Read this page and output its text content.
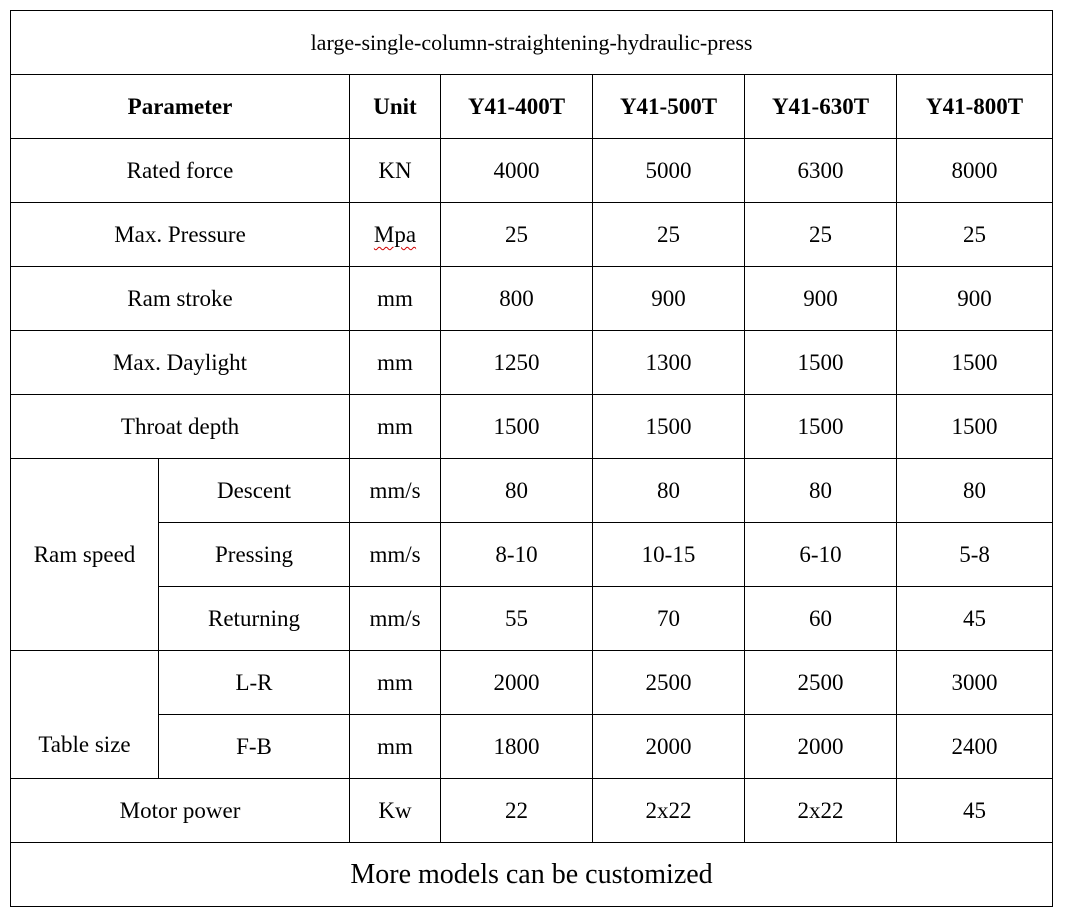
large-single-column-straightening-hydraulic-press						
Parameter		Unit	Y41-400T	Y41-500T	Y41-630T	Y41-800T
Rated force		KN	4000	5000	6300	8000
Max. Pressure		Mpa	25	25	25	25
Ram stroke		mm	800	900	900	900
Max. Daylight		mm	1250	1300	1500	1500
Throat depth		mm	1500	1500	1500	1500
Ram speed	Descent	mm/s	80	80	80	80
	Pressing	mm/s	8-10	10-15	6-10	5-8
	Returning	mm/s	55	70	60	45
Table size	L-R	mm	2000	2500	2500	3000
	F-B	mm	1800	2000	2000	2400
Motor power		Kw	22	2x22	2x22	45
More models can be customized						
